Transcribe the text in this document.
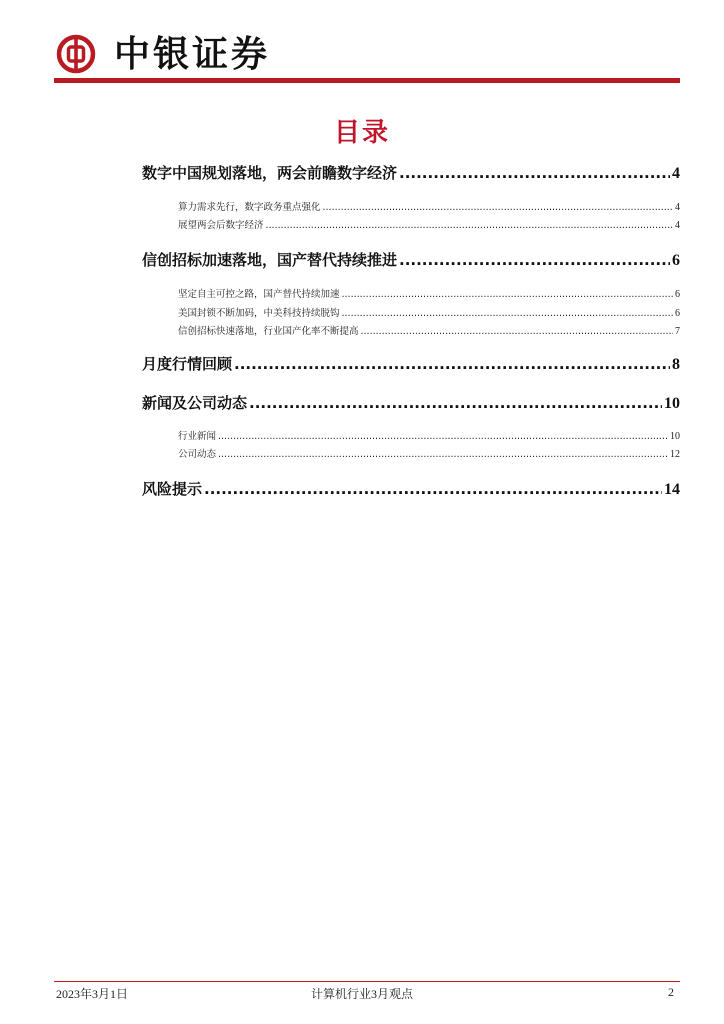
中银证券
目录
数字中国规划落地，两会前瞻数字经济 .....	4
算力需求先行，数字政务重点强化 .....	4
展望两会后数字经济 .....	4
信创招标加速落地，国产替代持续推进 .....	6
坚定自主可控之路，国产替代持续加速 .....	6
美国封锁不断加码，中美科技持续脱钩 .....	6
信创招标快速落地，行业国产化率不断提高 .....	7
月度行情回顾 .....	8
新闻及公司动态 .....	10
行业新闻 .....	10
公司动态 .....	12
风险提示 .....	14
2023年3月1日	计算机行业3月观点	2
